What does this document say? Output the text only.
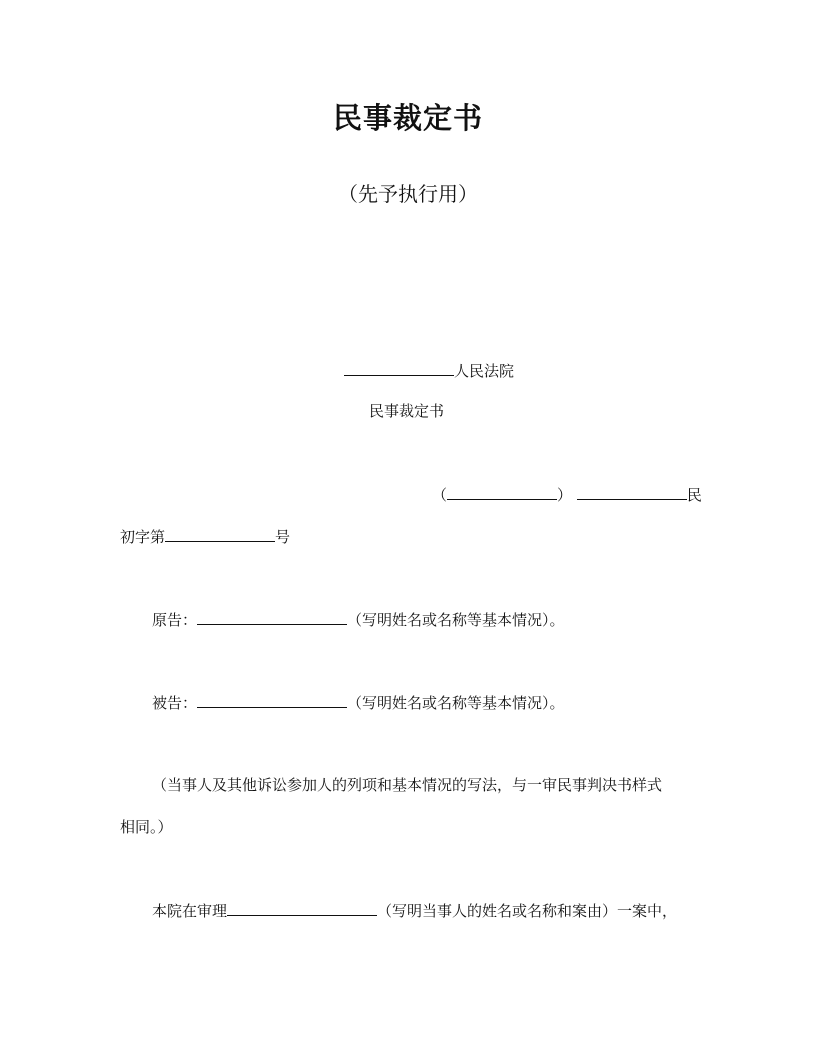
民事裁定书
（先予执行用）
人民法院
民事裁定书
（	）	民
初字第	号
原告：	（写明姓名或名称等基本情况）。
被告：	（写明姓名或名称等基本情况）。
（当事人及其他诉讼参加人的列项和基本情况的写法，与一审民事判决书样式
相同。）
本院在审理	（写明当事人的姓名或名称和案由）一案中，
